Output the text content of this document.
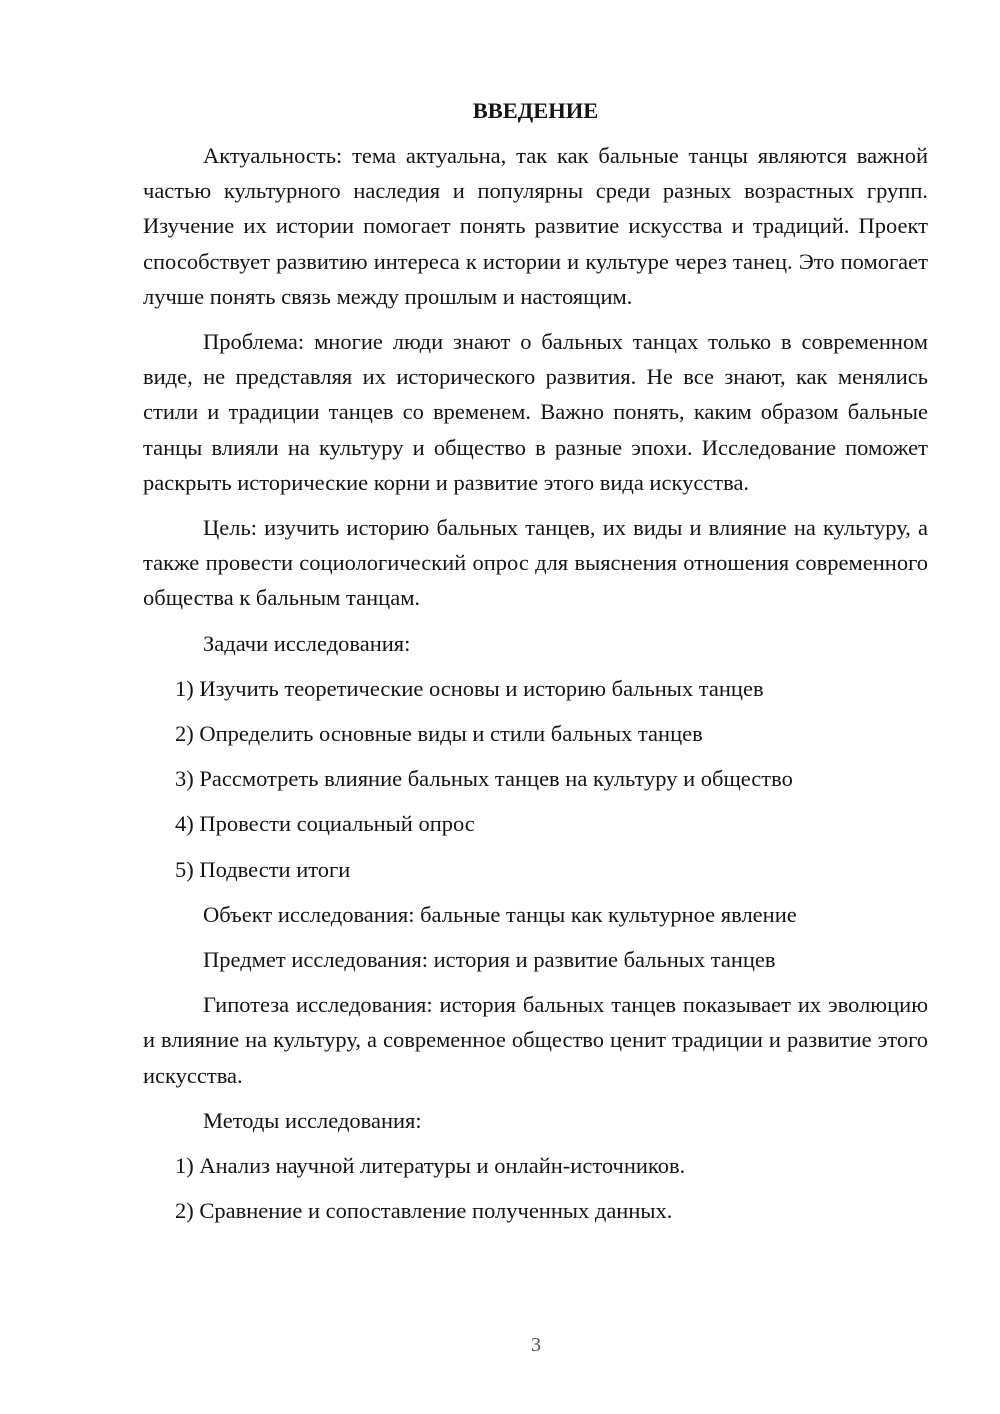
ВВЕДЕНИЕ

Актуальность: тема актуальна, так как бальные танцы являются важной частью культурного наследия и популярны среди разных возрастных групп. Изучение их истории помогает понять развитие искусства и традиций. Проект способствует развитию интереса к истории и культуре через танец. Это помогает лучше понять связь между прошлым и настоящим.

Проблема: многие люди знают о бальных танцах только в современном виде, не представляя их исторического развития. Не все знают, как менялись стили и традиции танцев со временем. Важно понять, каким образом бальные танцы влияли на культуру и общество в разные эпохи. Исследование поможет раскрыть исторические корни и развитие этого вида искусства.

Цель: изучить историю бальных танцев, их виды и влияние на культуру, а также провести социологический опрос для выяснения отношения современного общества к бальным танцам.

Задачи исследования:
1) Изучить теоретические основы и историю бальных танцев
2) Определить основные виды и стили бальных танцев
3) Рассмотреть влияние бальных танцев на культуру и общество
4) Провести социальный опрос
5) Подвести итоги
Объект исследования: бальные танцы как культурное явление
Предмет исследования: история и развитие бальных танцев

Гипотеза исследования: история бальных танцев показывает их эволюцию и влияние на культуру, а современное общество ценит традиции и развитие этого искусства.

Методы исследования:
1) Анализ научной литературы и онлайн-источников.
2) Сравнение и сопоставление полученных данных.
3
